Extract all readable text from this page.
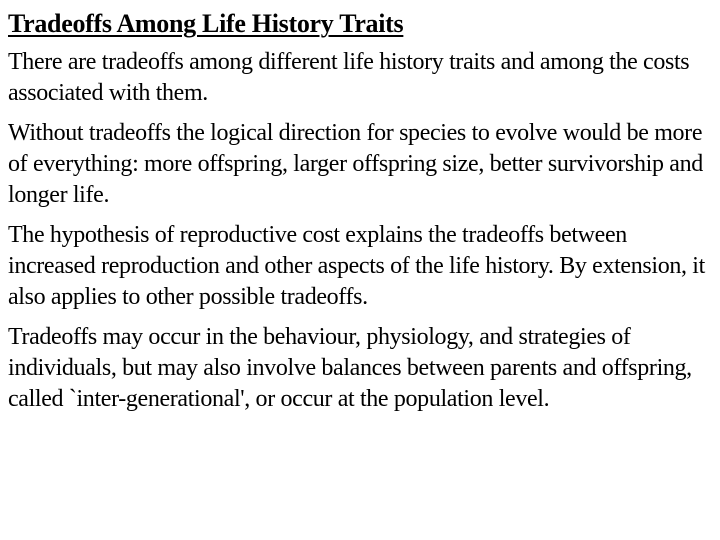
Tradeoffs Among Life History Traits
There are tradeoffs among different life history traits and among the costs associated with them.
Without tradeoffs the logical direction for species to evolve would be more of everything: more offspring, larger offspring size, better survivorship and longer life.
The hypothesis of reproductive cost explains the tradeoffs between increased reproduction and other aspects of the life history. By extension, it also applies to other possible tradeoffs.
Tradeoffs may occur in the behaviour, physiology, and strategies of individuals, but may also involve balances between parents and offspring, called `inter-generational', or occur at the population level.
